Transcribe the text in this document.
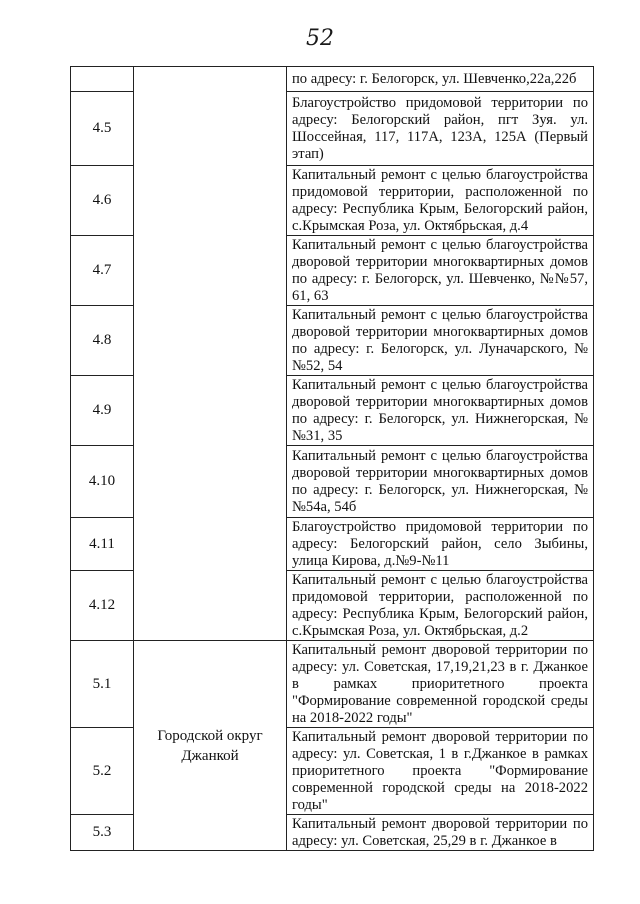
52

		по адресу: г. Белогорск, ул. Шевченко,22а,22б

4.5		Благоустройство придомовой территории по адресу: Белогорский район, пгт Зуя. ул. Шоссейная, 117, 117А, 123А, 125А (Первый этап)

4.6		Капитальный ремонт с целью благоустройства придомовой территории, расположенной по адресу: Республика Крым, Белогорский район, с.Крымская Роза, ул. Октябрьская, д.4

4.7		Капитальный ремонт с целью благоустройства дворовой территории многоквартирных домов по адресу: г. Белогорск, ул. Шевченко, №№57, 61, 63

4.8		Капитальный ремонт с целью благоустройства дворовой территории многоквартирных домов по адресу: г. Белогорск, ул. Луначарского, №№52, 54

4.9		Капитальный ремонт с целью благоустройства дворовой территории многоквартирных домов по адресу: г. Белогорск, ул. Нижнегорская, №№31, 35

4.10		Капитальный ремонт с целью благоустройства дворовой территории многоквартирных домов по адресу: г. Белогорск, ул. Нижнегорская, №№54а, 54б

4.11		Благоустройство придомовой территории по адресу: Белогорский район, село Зыбины, улица Кирова, д.№9-№11

4.12		Капитальный ремонт с целью благоустройства придомовой территории, расположенной по адресу: Республика Крым, Белогорский район, с.Крымская Роза, ул. Октябрьская, д.2

5.1	Городской округ Джанкой	Капитальный ремонт дворовой территории по адресу: ул. Советская, 17,19,21,23 в г. Джанкое в рамках приоритетного проекта "Формирование современной городской среды на 2018-2022 годы"

5.2		Капитальный ремонт дворовой территории по адресу: ул. Советская, 1 в г.Джанкое в рамках приоритетного проекта "Формирование современной городской среды на 2018-2022 годы"

5.3		Капитальный ремонт дворовой территории по адресу: ул. Советская, 25,29 в г. Джанкое в
